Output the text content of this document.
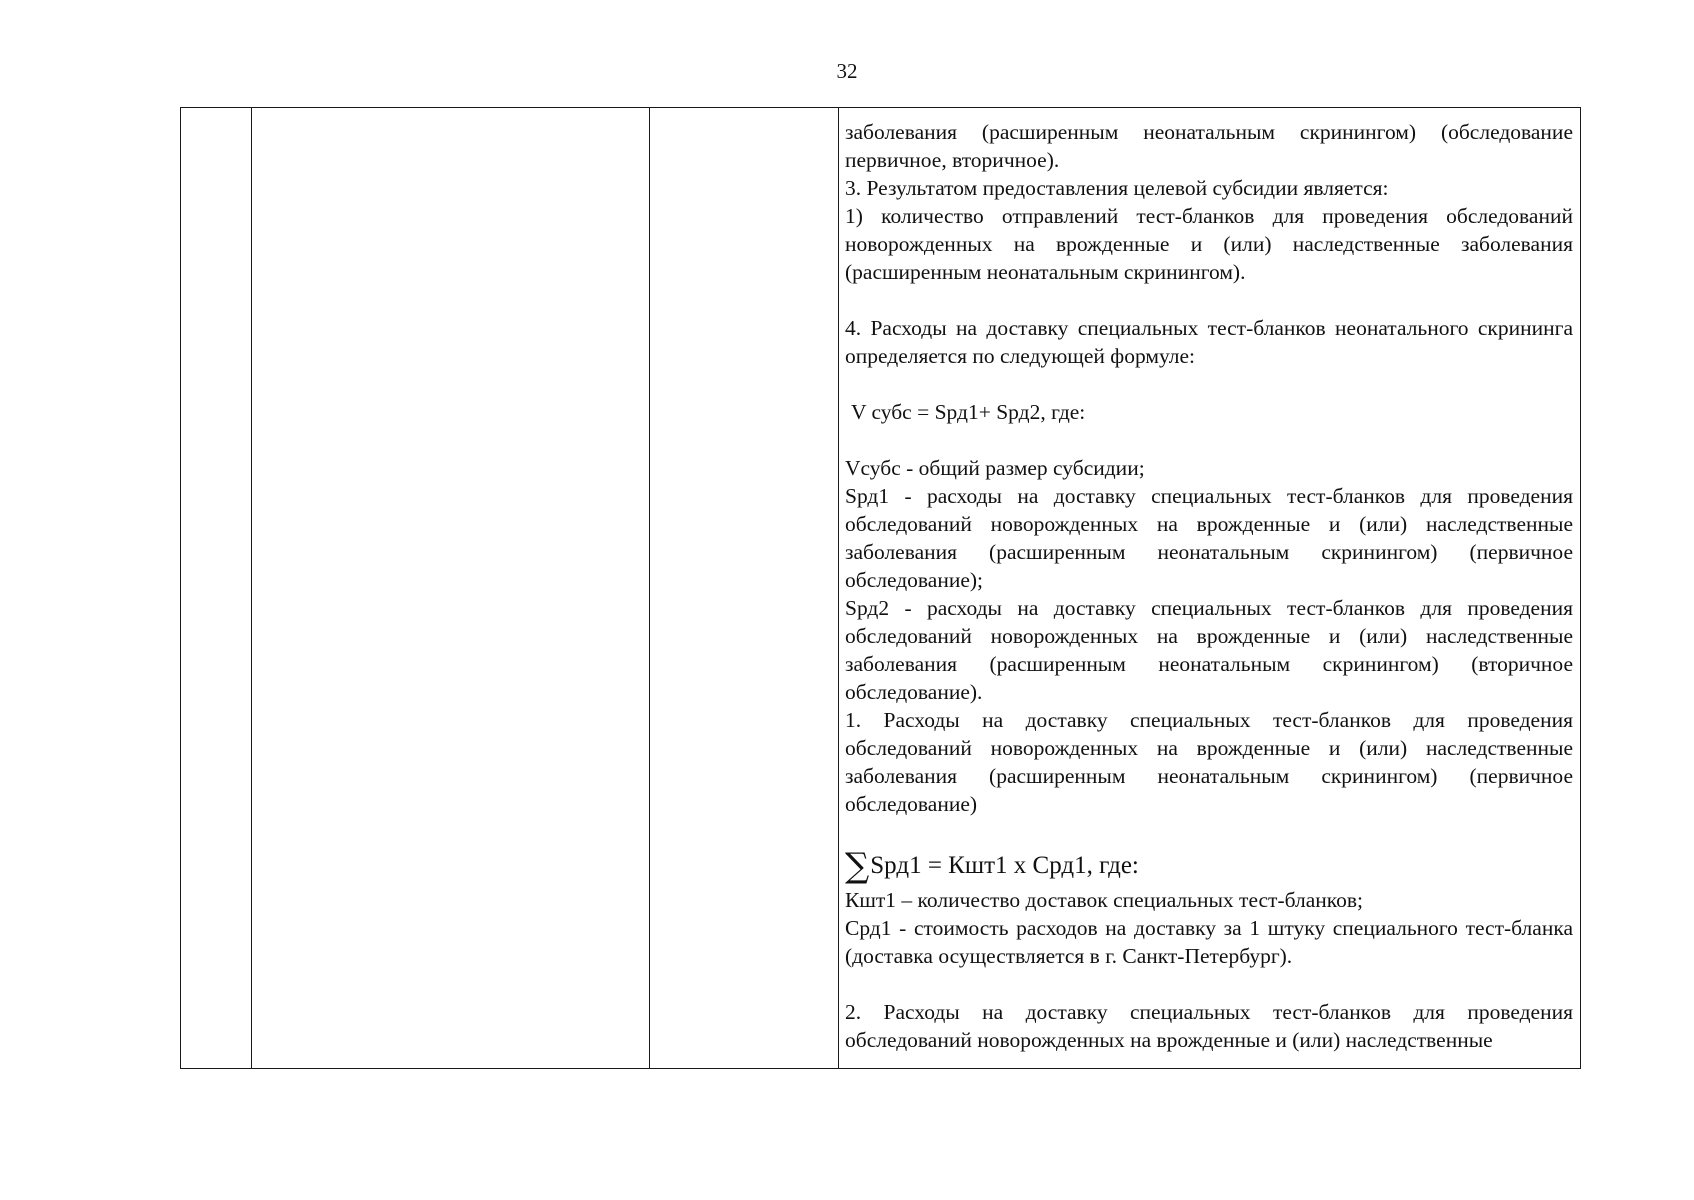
32

заболевания (расширенным неонатальным скринингом) (обследование первичное, вторичное).

3. Результатом предоставления целевой субсидии является:

1) количество отправлений тест-бланков для проведения обследований новорожденных на врожденные и (или) наследственные заболевания (расширенным неонатальным скринингом).

4. Расходы на доставку специальных тест-бланков неонатального скрининга определяется по следующей формуле:

V субс = Sрд1+ Sрд2, где:

Vсубс - общий размер субсидии;

Sрд1 - расходы на доставку специальных тест-бланков для проведения обследований новорожденных на врожденные и (или) наследственные заболевания (расширенным неонатальным скринингом) (первичное обследование);

Sрд2 - расходы на доставку специальных тест-бланков для проведения обследований новорожденных на врожденные и (или) наследственные заболевания (расширенным неонатальным скринингом) (вторичное обследование).

1. Расходы на доставку специальных тест-бланков для проведения обследований новорожденных на врожденные и (или) наследственные заболевания (расширенным неонатальным скринингом) (первичное обследование)

∑Sрд1 = Кшт1 х Срд1, где:

Кшт1 – количество доставок специальных тест-бланков;

Срд1 - стоимость расходов на доставку за 1 штуку специального тест-бланка (доставка осуществляется в г. Санкт-Петербург).

2. Расходы на доставку специальных тест-бланков для проведения обследований новорожденных на врожденные и (или) наследственные
